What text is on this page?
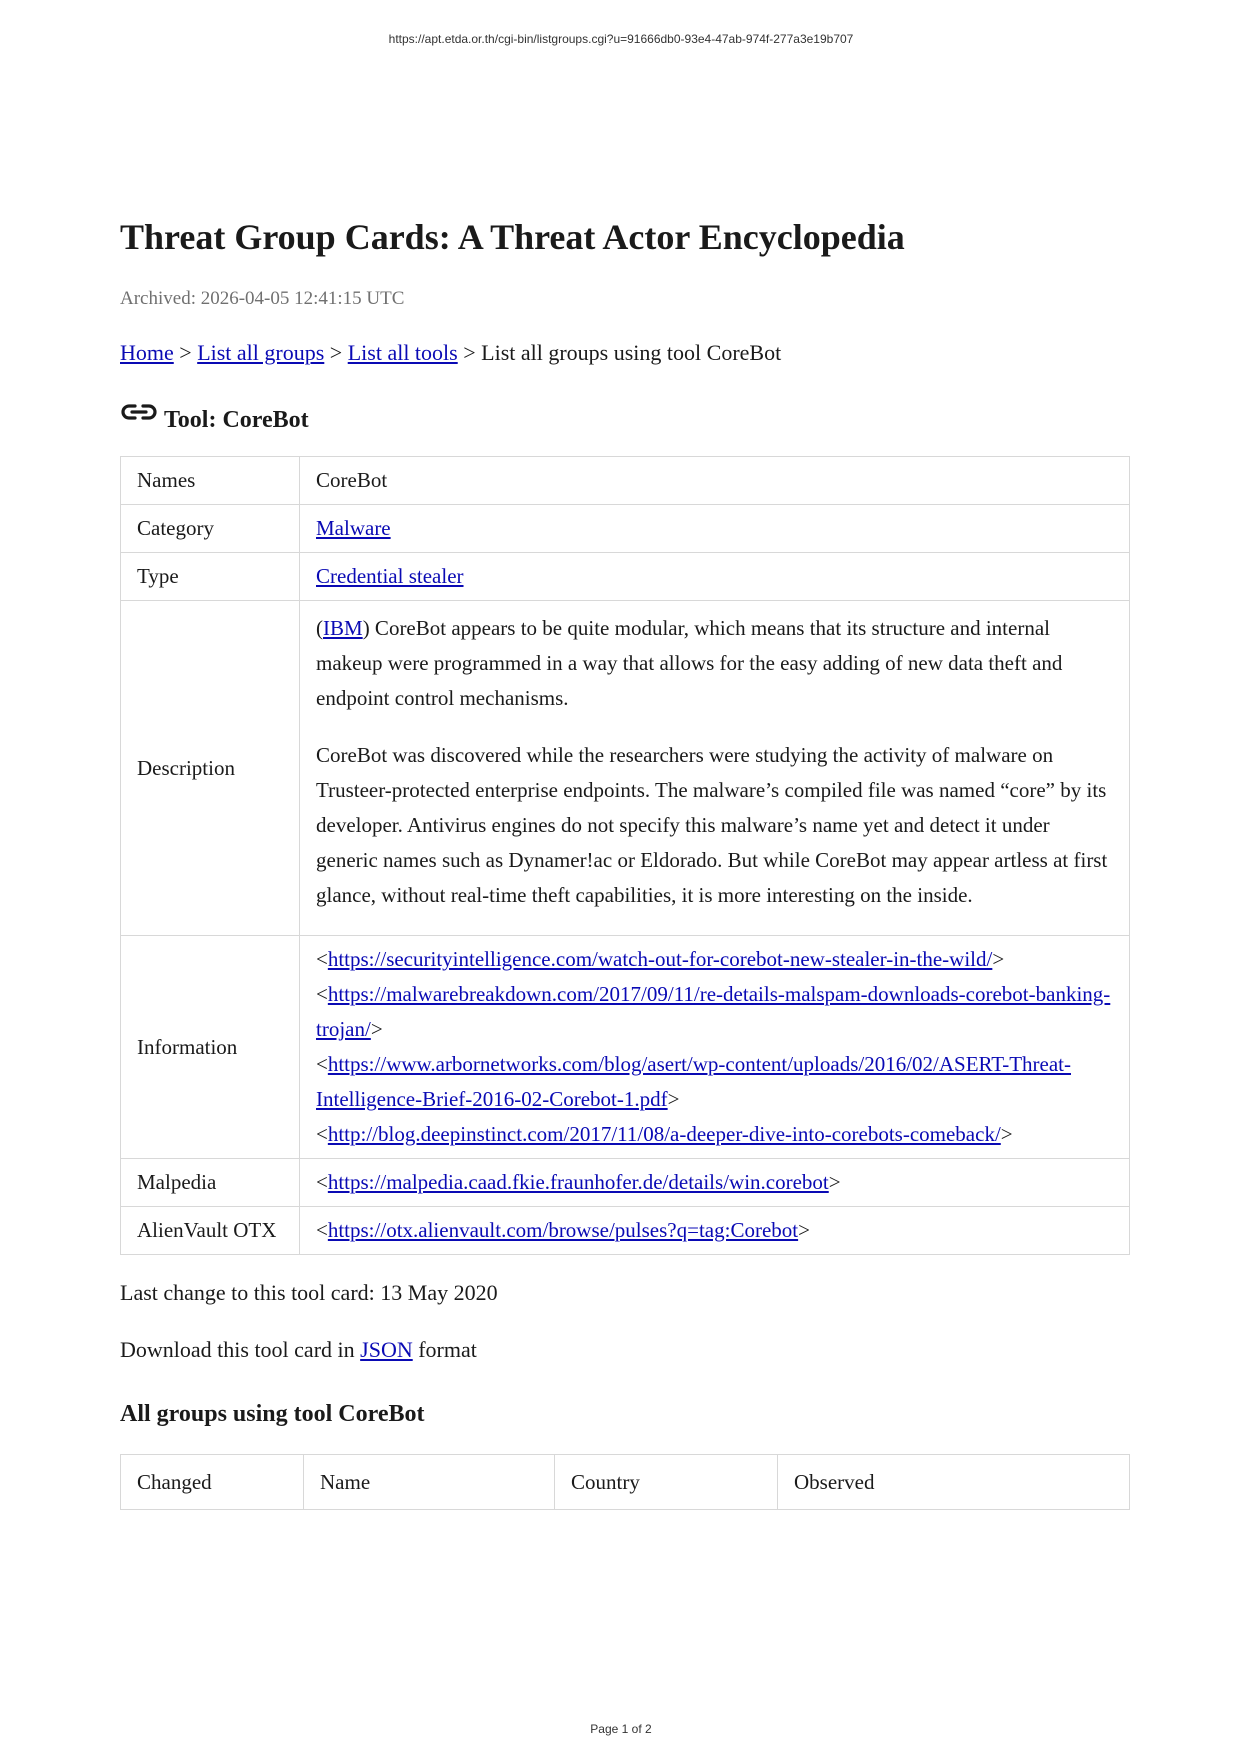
https://apt.etda.or.th/cgi-bin/listgroups.cgi?u=91666db0-93e4-47ab-974f-277a3e19b707
Threat Group Cards: A Threat Actor Encyclopedia
Archived: 2026-04-05 12:41:15 UTC
Home > List all groups > List all tools > List all groups using tool CoreBot
Tool: CoreBot
Names	CoreBot
Category	Malware
Type	Credential stealer
Description	(IBM) CoreBot appears to be quite modular, which means that its structure and internal makeup were programmed in a way that allows for the easy adding of new data theft and endpoint control mechanisms.

CoreBot was discovered while the researchers were studying the activity of malware on Trusteer-protected enterprise endpoints. The malware’s compiled file was named “core” by its developer. Antivirus engines do not specify this malware’s name yet and detect it under generic names such as Dynamer!ac or Eldorado. But while CoreBot may appear artless at first glance, without real-time theft capabilities, it is more interesting on the inside.

Information	<https://securityintelligence.com/watch-out-for-corebot-new-stealer-in-the-wild/>
<https://malwarebreakdown.com/2017/09/11/re-details-malspam-downloads-corebot-banking-trojan/>
<https://www.arbornetworks.com/blog/asert/wp-content/uploads/2016/02/ASERT-Threat-Intelligence-Brief-2016-02-Corebot-1.pdf>
<http://blog.deepinstinct.com/2017/11/08/a-deeper-dive-into-corebots-comeback/>

Malpedia	<https://malpedia.caad.fkie.fraunhofer.de/details/win.corebot>
AlienVault OTX	<https://otx.alienvault.com/browse/pulses?q=tag:Corebot>
Last change to this tool card: 13 May 2020
Download this tool card in JSON format
All groups using tool CoreBot
Changed	Name	Country	Observed
Page 1 of 2
